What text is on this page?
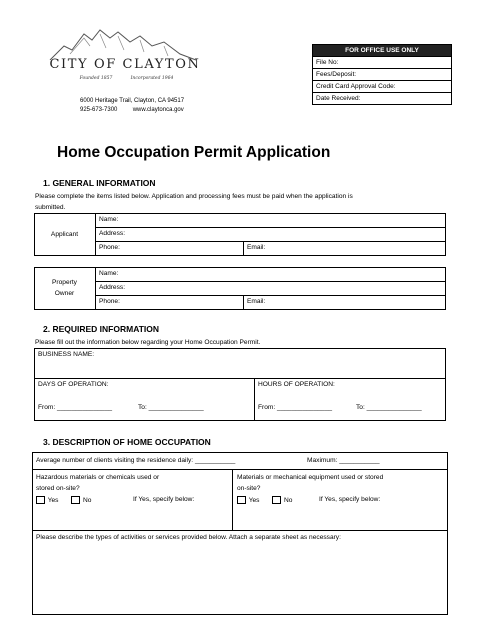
CITY OF CLAYTON
Founded 1857	Incorporated 1964
6000 Heritage Trail, Clayton, CA 94517
925-673-7300	www.claytonca.gov
FOR OFFICE USE ONLY
File No:
Fees/Deposit:
Credit Card Approval Code:
Date Received:
Home Occupation Permit Application
1. GENERAL INFORMATION
Please complete the items listed below. Application and processing fees must be paid when the application is
submitted.
Applicant
Name:
Address:
Phone:	Email:
Property
Owner
Name:
Address:
Phone:	Email:
2. REQUIRED INFORMATION
Please fill out the information below regarding your Home Occupation Permit.
BUSINESS NAME:
DAYS OF OPERATION:	HOURS OF OPERATION:
From: _______________	To: _______________	From: _______________	To: _______________
3. DESCRIPTION OF HOME OCCUPATION
Average number of clients visiting the residence daily: ___________	Maximum: ___________
Hazardous materials or chemicals used or
stored on-site?
Yes	No	If Yes, specify below:
Materials or mechanical equipment used or stored
on-site?
Yes	No	If Yes, specify below:
Please describe the types of activities or services provided below. Attach a separate sheet as necessary:
